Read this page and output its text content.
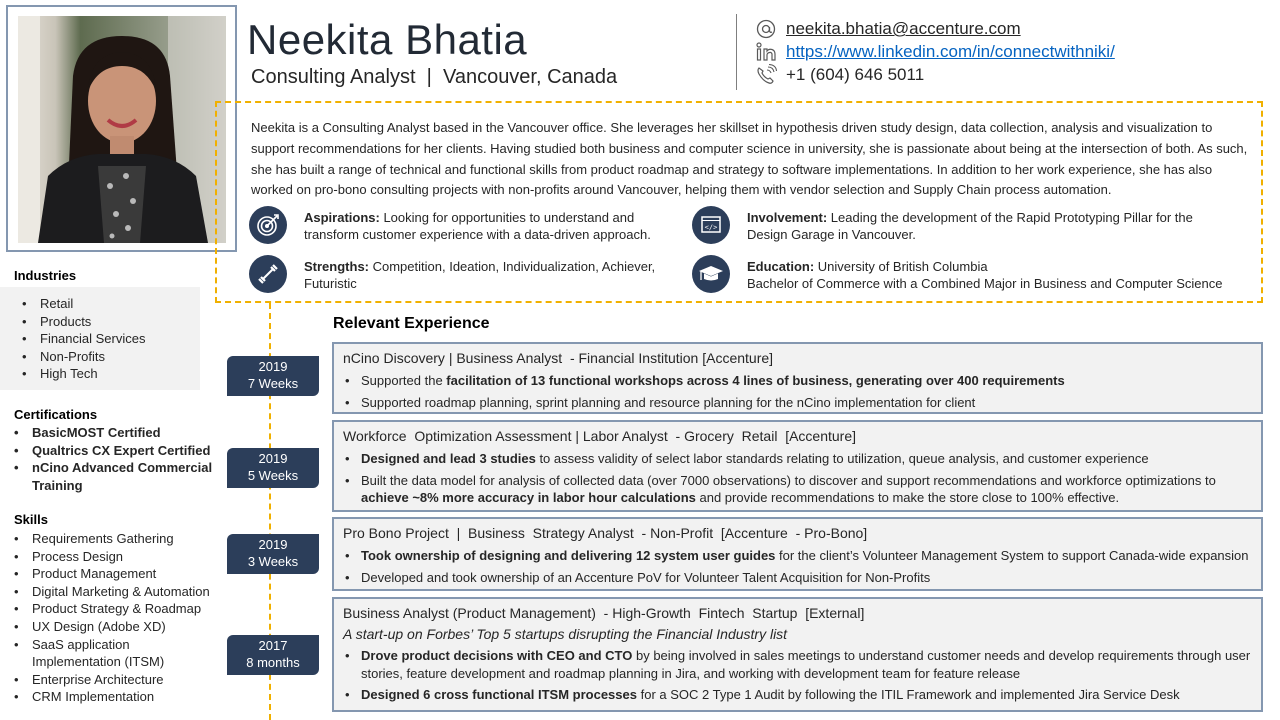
Neekita Bhatia
Consulting Analyst  |  Vancouver, Canada
neekita.bhatia@accenture.com
https://www.linkedin.com/in/connectwithniki/
+1 (604) 646 5011
Neekita is a Consulting Analyst based in the Vancouver office. She leverages her skillset in hypothesis driven study design, data collection, analysis and visualization to support recommendations for her clients. Having studied both business and computer science in university, she is passionate about being at the intersection of both. As such, she has built a range of technical and functional skills from product roadmap and strategy to software implementations. In addition to her work experience, she has also worked on pro-bono consulting projects with non-profits around Vancouver, helping them with vendor selection and Supply Chain process automation.
Aspirations: Looking for opportunities to understand and transform customer experience with a data-driven approach.
Strengths: Competition, Ideation, Individualization, Achiever, Futuristic
</>
Involvement: Leading the development of the Rapid Prototyping Pillar for the Design Garage in Vancouver.
Education: University of British Columbia
Bachelor of Commerce with a Combined Major in Business and Computer Science
Industries
• Retail
• Products
• Financial Services
• Non-Profits
• High Tech
Certifications
• BasicMOST Certified
• Qualtrics CX Expert Certified
• nCino Advanced Commercial Training
Skills
• Requirements Gathering
• Process Design
• Product Management
• Digital Marketing & Automation
• Product Strategy & Roadmap
• UX Design (Adobe XD)
• SaaS application Implementation (ITSM)
• Enterprise Architecture
• CRM Implementation
2019
7 Weeks
2019
5 Weeks
2019
3 Weeks
2017
8 months
Relevant Experience
nCino Discovery | Business Analyst  - Financial Institution [Accenture]
• Supported the facilitation of 13 functional workshops across 4 lines of business, generating over 400 requirements
• Supported roadmap planning, sprint planning and resource planning for the nCino implementation for client
Workforce  Optimization Assessment | Labor Analyst  - Grocery  Retail  [Accenture]
• Designed and lead 3 studies to assess validity of select labor standards relating to utilization, queue analysis, and customer experience
• Built the data model for analysis of collected data (over 7000 observations) to discover and support recommendations and workforce optimizations to achieve ~8% more accuracy in labor hour calculations and provide recommendations to make the store close to 100% effective.
Pro Bono Project  |  Business  Strategy Analyst  - Non-Profit  [Accenture  - Pro-Bono]
• Took ownership of designing and delivering 12 system user guides for the client’s Volunteer Management System to support Canada-wide expansion
• Developed and took ownership of an Accenture PoV for Volunteer Talent Acquisition for Non-Profits
Business Analyst (Product Management)  - High-Growth  Fintech  Startup  [External]
A start-up on Forbes’ Top 5 startups disrupting the Financial Industry list
• Drove product decisions with CEO and CTO by being involved in sales meetings to understand customer needs and develop requirements through user stories, feature development and roadmap planning in Jira, and working with development team for feature release
• Designed 6 cross functional ITSM processes for a SOC 2 Type 1 Audit by following the ITIL Framework and implemented Jira Service Desk
